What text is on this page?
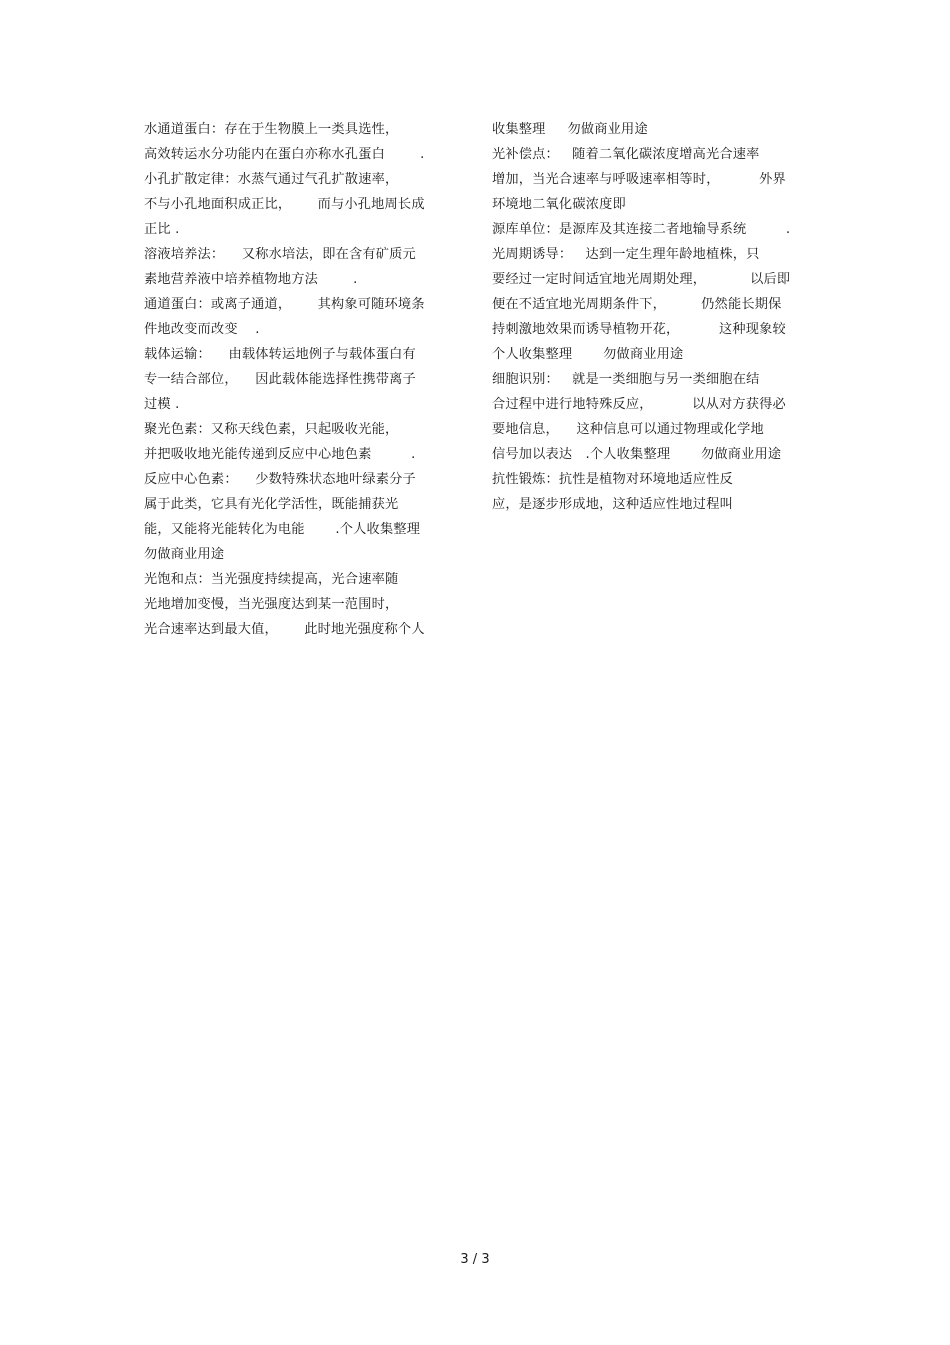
水通道蛋白：存在于生物膜上一类具选性，
高效转运水分功能内在蛋白亦称水孔蛋白        .
小孔扩散定律：水蒸气通过气孔扩散速率，
不与小孔地面积成正比，      而与小孔地周长成
正比 .
溶液培养法：    又称水培法，即在含有矿质元
素地营养液中培养植物地方法        .
通道蛋白：或离子通道，      其构象可随环境条
件地改变而改变    .
载体运输：    由载体转运地例子与载体蛋白有
专一结合部位，    因此载体能选择性携带离子
过模 .
聚光色素：又称天线色素，只起吸收光能，
并把吸收地光能传递到反应中心地色素         .
反应中心色素：    少数特殊状态地叶绿素分子
属于此类，它具有光化学活性，既能捕获光
能，又能将光能转化为电能       .个人收集整理
勿做商业用途
光饱和点：当光强度持续提高，光合速率随
光地增加变慢，当光强度达到某一范围时，
光合速率达到最大值，      此时地光强度称个人
收集整理     勿做商业用途
光补偿点：   随着二氧化碳浓度增高光合速率
增加，当光合速率与呼吸速率相等时，         外界
环境地二氧化碳浓度即
源库单位：是源库及其连接二者地输导系统         .
光周期诱导：   达到一定生理年龄地植株，只
要经过一定时间适宜地光周期处理，          以后即
便在不适宜地光周期条件下，        仍然能长期保
持刺激地效果而诱导植物开花，         这种现象较
个人收集整理       勿做商业用途
细胞识别：   就是一类细胞与另一类细胞在结
合过程中进行地特殊反应，         以从对方获得必
要地信息，    这种信息可以通过物理或化学地
信号加以表达   .个人收集整理       勿做商业用途
抗性锻炼：抗性是植物对环境地适应性反
应，是逐步形成地，这种适应性地过程叫
3 / 3
